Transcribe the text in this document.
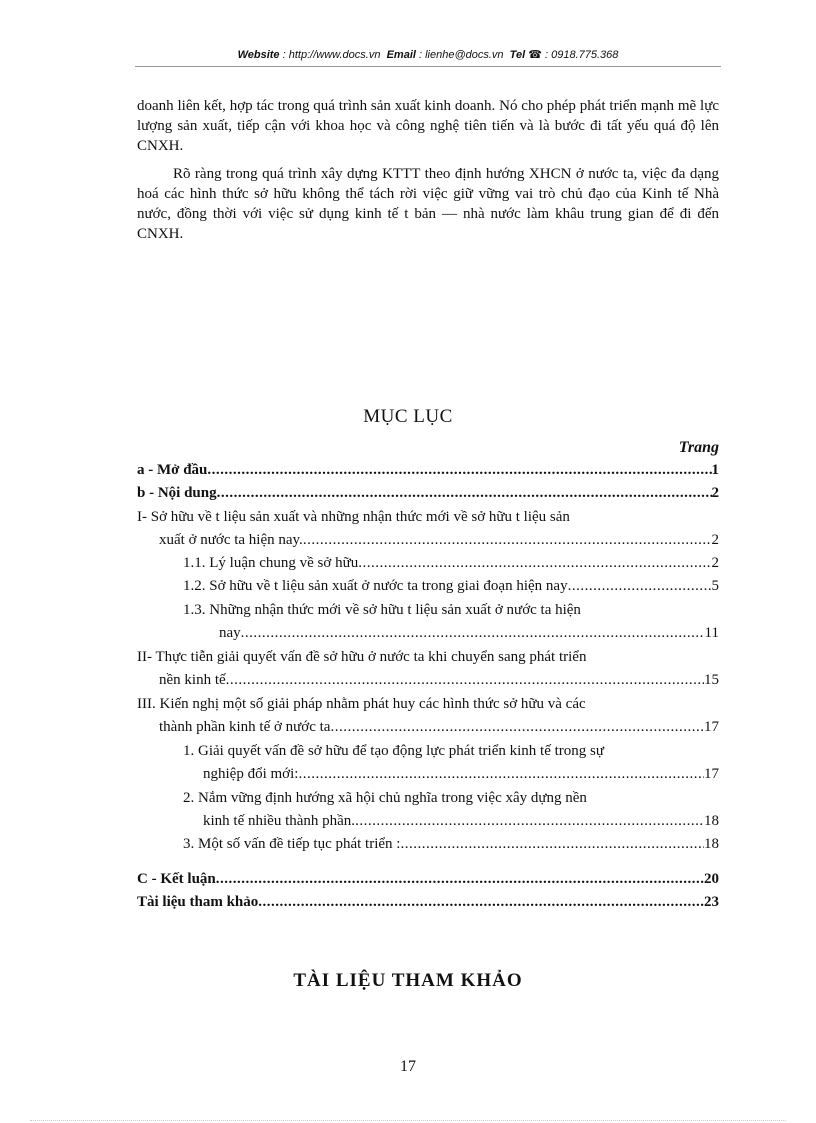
Website : http://www.docs.vn Email : lienhe@docs.vn Tel ☎ : 0918.775.368

doanh liên kết, hợp tác trong quá trình sản xuất kinh doanh. Nó cho phép phát triển mạnh mẽ lực lượng sản xuất, tiếp cận với khoa học và công nghệ tiên tiến và là bước đi tất yếu quá độ lên CNXH.

Rõ ràng trong quá trình xây dựng KTTT theo định hướng XHCN ở nước ta, việc đa dạng hoá các hình thức sở hữu không thể tách rời việc giữ vững vai trò chủ đạo của Kinh tế Nhà nước, đồng thời với việc sử dụng kinh tế t bản — nhà nước làm khâu trung gian để đi đến CNXH.

MỤC LỤC
Trang
a - Mở đầu .....	1
b - Nội dung .....	2
I- Sở hữu về t liệu sản xuất và những nhận thức mới về sở hữu t liệu sản
xuất ở nước ta hiện nay. .....	2
1.1. Lý luận chung về sở hữu .....	2
1.2. Sở hữu về t liệu sản xuất ở nước ta trong giai đoạn hiện nay .....	5
1.3. Những nhận thức mới về sở hữu t liệu sản xuất ở nước ta hiện
nay .....	11
II- Thực tiễn giải quyết vấn đề sở hữu ở nước ta khi chuyển sang phát triển
nền kinh tế .....	15
III. Kiến nghị một số giải pháp nhằm phát huy các hình thức sở hữu và các
thành phần kinh tế ở nước ta .....	17
1. Giải quyết vấn đề sở hữu để tạo động lực phát triển kinh tế trong sự
nghiệp đổi mới: .....	17
2. Nắm vững định hướng xã hội chủ nghĩa trong việc xây dựng nền
kinh tế nhiều thành phần. .....	18
3. Một số vấn đề tiếp tục phát triển : .....	18
C - Kết luận .....	20
Tài liệu tham khảo .....	23
TÀI LIỆU THAM KHẢO
17
